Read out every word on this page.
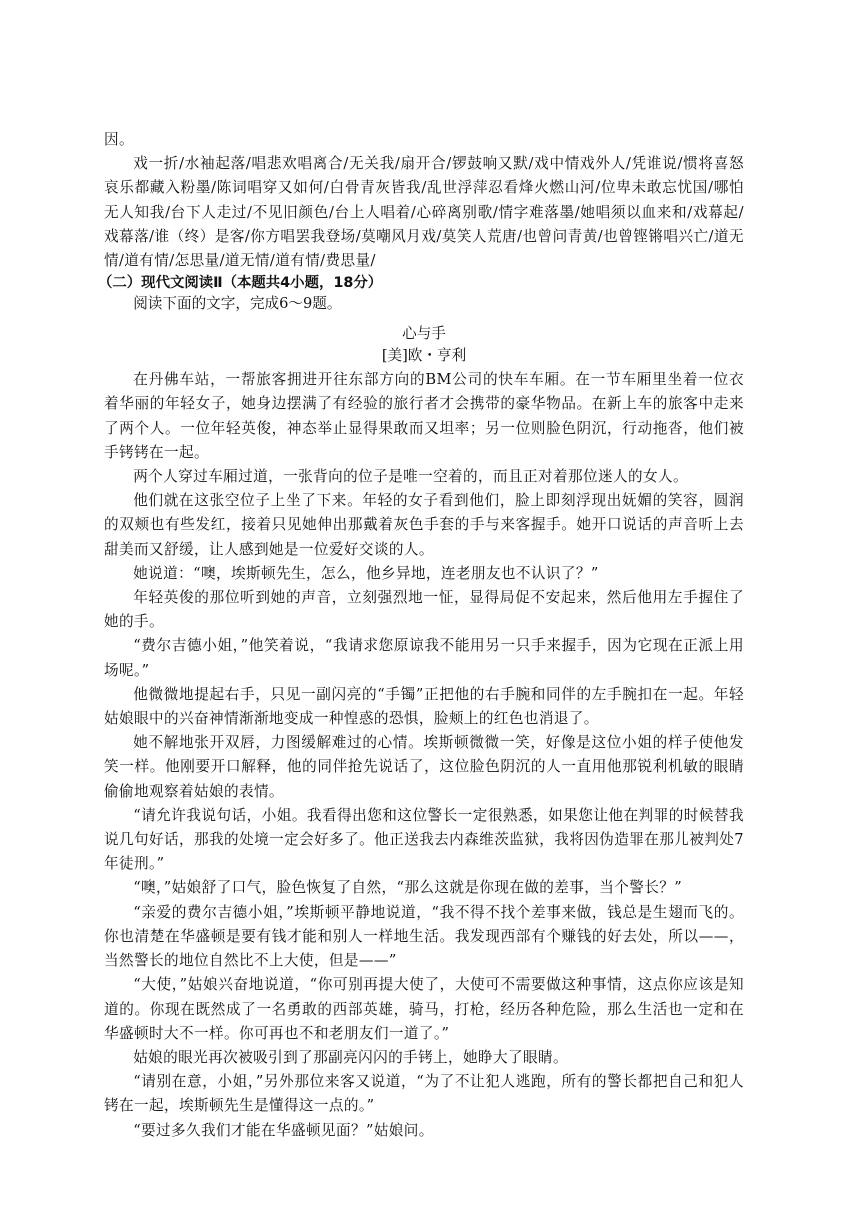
因。

戏一折/水袖起落/唱悲欢唱离合/无关我/扇开合/锣鼓响又默/戏中情戏外人/凭谁说/惯将喜怒哀乐都藏入粉墨/陈词唱穿又如何/白骨青灰皆我/乱世浮萍忍看烽火燃山河/位卑未敢忘忧国/哪怕无人知我/台下人走过/不见旧颜色/台上人唱着/心碎离别歌/情字难落墨/她唱须以血来和/戏幕起/戏幕落/谁（终）是客/你方唱罢我登场/莫嘲风月戏/莫笑人荒唐/也曾问青黄/也曾铿锵唱兴亡/道无情/道有情/怎思量/道无情/道有情/费思量/

（二）现代文阅读Ⅱ（本题共4小题，18分）

阅读下面的文字，完成6～9题。

心与手

[美]欧・亨利

在丹佛车站，一帮旅客拥进开往东部方向的BM公司的快车车厢。在一节车厢里坐着一位衣着华丽的年轻女子，她身边摆满了有经验的旅行者才会携带的豪华物品。在新上车的旅客中走来了两个人。一位年轻英俊，神态举止显得果敢而又坦率；另一位则脸色阴沉，行动拖沓，他们被手铐铐在一起。

两个人穿过车厢过道，一张背向的位子是唯一空着的，而且正对着那位迷人的女人。

他们就在这张空位子上坐了下来。年轻的女子看到他们，脸上即刻浮现出妩媚的笑容，圆润的双颊也有些发红，接着只见她伸出那戴着灰色手套的手与来客握手。她开口说话的声音听上去甜美而又舒缓，让人感到她是一位爱好交谈的人。

她说道：“噢，埃斯顿先生，怎么，他乡异地，连老朋友也不认识了？”

年轻英俊的那位听到她的声音，立刻强烈地一怔，显得局促不安起来，然后他用左手握住了她的手。

“费尔吉德小姐，”他笑着说，“我请求您原谅我不能用另一只手来握手，因为它现在正派上用场呢。”

他微微地提起右手，只见一副闪亮的“手镯”正把他的右手腕和同伴的左手腕扣在一起。年轻姑娘眼中的兴奋神情渐渐地变成一种惶惑的恐惧，脸颊上的红色也消退了。

她不解地张开双唇，力图缓解难过的心情。埃斯顿微微一笑，好像是这位小姐的样子使他发笑一样。他刚要开口解释，他的同伴抢先说话了，这位脸色阴沉的人一直用他那锐利机敏的眼睛偷偷地观察着姑娘的表情。

“请允许我说句话，小姐。我看得出您和这位警长一定很熟悉，如果您让他在判罪的时候替我说几句好话，那我的处境一定会好多了。他正送我去内森维茨监狱，我将因伪造罪在那儿被判处7年徒刑。”

“噢，”姑娘舒了口气，脸色恢复了自然，“那么这就是你现在做的差事，当个警长？”

“亲爱的费尔吉德小姐，”埃斯顿平静地说道，“我不得不找个差事来做，钱总是生翅而飞的。你也清楚在华盛顿是要有钱才能和别人一样地生活。我发现西部有个赚钱的好去处，所以——，当然警长的地位自然比不上大使，但是——”

“大使，”姑娘兴奋地说道，“你可别再提大使了，大使可不需要做这种事情，这点你应该是知道的。你现在既然成了一名勇敢的西部英雄，骑马，打枪，经历各种危险，那么生活也一定和在华盛顿时大不一样。你可再也不和老朋友们一道了。”

姑娘的眼光再次被吸引到了那副亮闪闪的手铐上，她睁大了眼睛。

“请别在意，小姐，”另外那位来客又说道，“为了不让犯人逃跑，所有的警长都把自己和犯人铐在一起，埃斯顿先生是懂得这一点的。”

“要过多久我们才能在华盛顿见面？”姑娘问。
